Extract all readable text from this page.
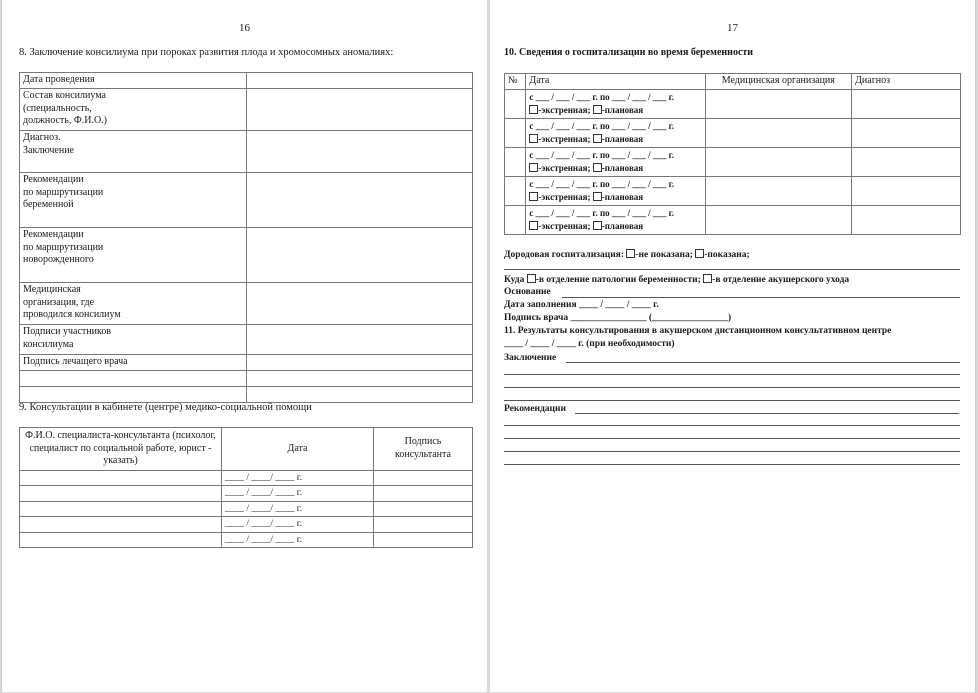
16
8. Заключение консилиума при пороках развития плода и хромосомных аномалиях:
Дата проведения	

Состав консилиума
(специальность,
должность, Ф.И.О.)	

Диагноз.
Заключение	

Рекомендации
по маршрутизации
беременной	

Рекомендации
по маршрутизации
новорожденного	

Медицинская
организация, где
проводился консилиум	

Подписи участников
консилиума	

Подпись лечащего врача	

9. Консультации в кабинете (центре) медико-социальной помощи
Ф.И.О. специалиста-консультанта (психолог, специалист по социальной работе, юрист - указать)	Дата	Подпись консультанта
	____ / ____/ ____ г.	
	____ / ____/ ____ г.	
	____ / ____/ ____ г.	
	____ / ____/ ____ г.	
	____ / ____/ ____ г.	
17
10. Сведения о госпитализации во время беременности
№	Дата	Медицинская организация	Диагноз

	с ___ / ___ / ___ г. по ___ / ___ / ___ г.
-экстренная; -плановая		

	с ___ / ___ / ___ г. по ___ / ___ / ___ г.
-экстренная; -плановая		

	с ___ / ___ / ___ г. по ___ / ___ / ___ г.
-экстренная; -плановая		

	с ___ / ___ / ___ г. по ___ / ___ / ___ г.
-экстренная; -плановая		

	с ___ / ___ / ___ г. по ___ / ___ / ___ г.
-экстренная; -плановая		

Дородовая госпитализация: -не показана; -показана;
Куда -в отделение патологии беременности; -в отделение акушерского ухода
Основание
Дата заполнения ____ / ____ / ____ г.
Подпись врача ________________ (________________)
11. Результаты консультирования в акушерском дистанционном консультативном центре
____ / ____ / ____ г. (при необходимости)
Заключение
Рекомендации
